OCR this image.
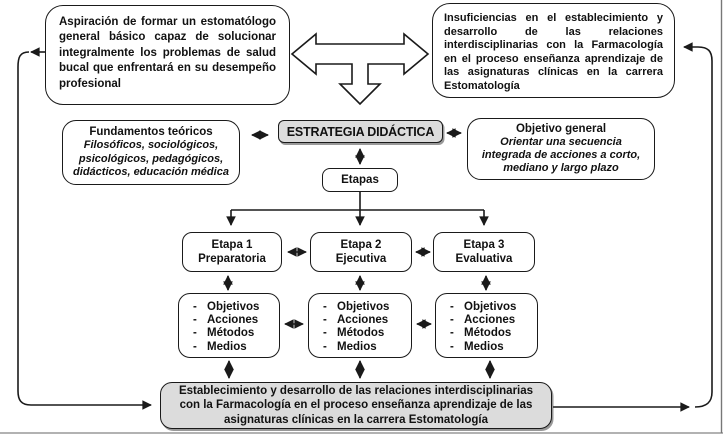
Aspiración de formar un estomatólogo general básico capaz de solucionar integralmente los problemas de salud bucal que enfrentará en su desempeño profesional
Insuficiencias en el establecimiento y desarrollo de las relaciones interdisciplinarias con la Farmacología en el proceso enseñanza aprendizaje de las asignaturas clínicas en la carrera Estomatología
Fundamentos teóricos
Filosóficos, sociológicos, psicológicos, pedagógicos, didácticos, educación médica
ESTRATEGIA DIDÁCTICA	Objetivo general
Orientar una secuencia integrada de acciones a corto, mediano y largo plazo
Etapas
Etapa 1
Preparatoria
Etapa 2
Ejecutiva
Etapa 3
Evaluativa
- Objetivos
- Acciones
- Métodos
- Medios
- Objetivos
- Acciones
- Métodos
- Medios
- Objetivos
- Acciones
- Métodos
- Medios
Establecimiento y desarrollo de las relaciones interdisciplinarias con la Farmacología en el proceso enseñanza aprendizaje de las asignaturas clínicas en la carrera Estomatología
